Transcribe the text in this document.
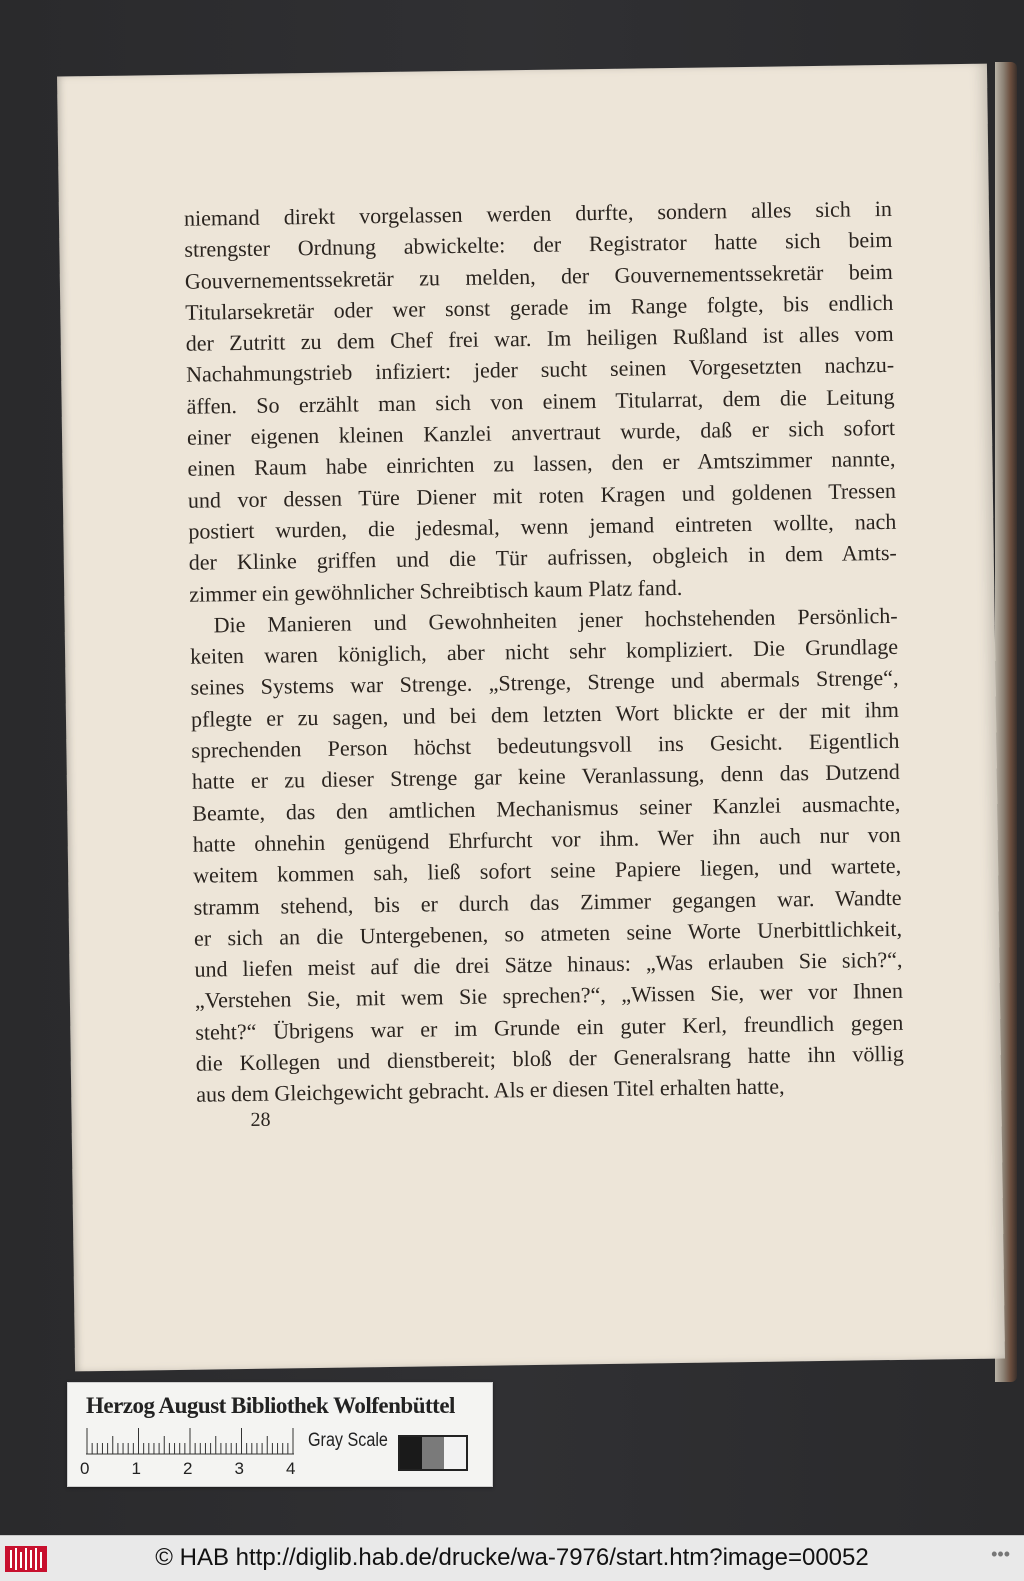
niemand direkt vorgelassen werden durfte, sondern alles sich in
strengster Ordnung abwickelte: der Registrator hatte sich beim
Gouvernementssekretär zu melden, der Gouvernementssekretär beim
Titularsekretär oder wer sonst gerade im Range folgte, bis endlich
der Zutritt zu dem Chef frei war. Im heiligen Rußland ist alles vom
Nachahmungstrieb infiziert: jeder sucht seinen Vorgesetzten nachzu-
äffen. So erzählt man sich von einem Titularrat, dem die Leitung
einer eigenen kleinen Kanzlei anvertraut wurde, daß er sich sofort
einen Raum habe einrichten zu lassen, den er Amtszimmer nannte,
und vor dessen Türe Diener mit roten Kragen und goldenen Tressen
postiert wurden, die jedesmal, wenn jemand eintreten wollte, nach
der Klinke griffen und die Tür aufrissen, obgleich in dem Amts-
zimmer ein gewöhnlicher Schreibtisch kaum Platz fand.
Die Manieren und Gewohnheiten jener hochstehenden Persönlich-
keiten waren königlich, aber nicht sehr kompliziert. Die Grundlage
seines Systems war Strenge. „Strenge, Strenge und abermals Strenge“,
pflegte er zu sagen, und bei dem letzten Wort blickte er der mit ihm
sprechenden Person höchst bedeutungsvoll ins Gesicht. Eigentlich
hatte er zu dieser Strenge gar keine Veranlassung, denn das Dutzend
Beamte, das den amtlichen Mechanismus seiner Kanzlei ausmachte,
hatte ohnehin genügend Ehrfurcht vor ihm. Wer ihn auch nur von
weitem kommen sah, ließ sofort seine Papiere liegen, und wartete,
stramm stehend, bis er durch das Zimmer gegangen war. Wandte
er sich an die Untergebenen, so atmeten seine Worte Unerbittlichkeit,
und liefen meist auf die drei Sätze hinaus: „Was erlauben Sie sich?“,
„Verstehen Sie, mit wem Sie sprechen?“, „Wissen Sie, wer vor Ihnen
steht?“ Übrigens war er im Grunde ein guter Kerl, freundlich gegen
die Kollegen und dienstbereit; bloß der Generalsrang hatte ihn völlig
aus dem Gleichgewicht gebracht. Als er diesen Titel erhalten hatte,
28
Herzog August Bibliothek Wolfenbüttel
0 1 2 3 4
Gray Scale
© HAB http://diglib.hab.de/drucke/wa-7976/start.htm?image=00052	•••
